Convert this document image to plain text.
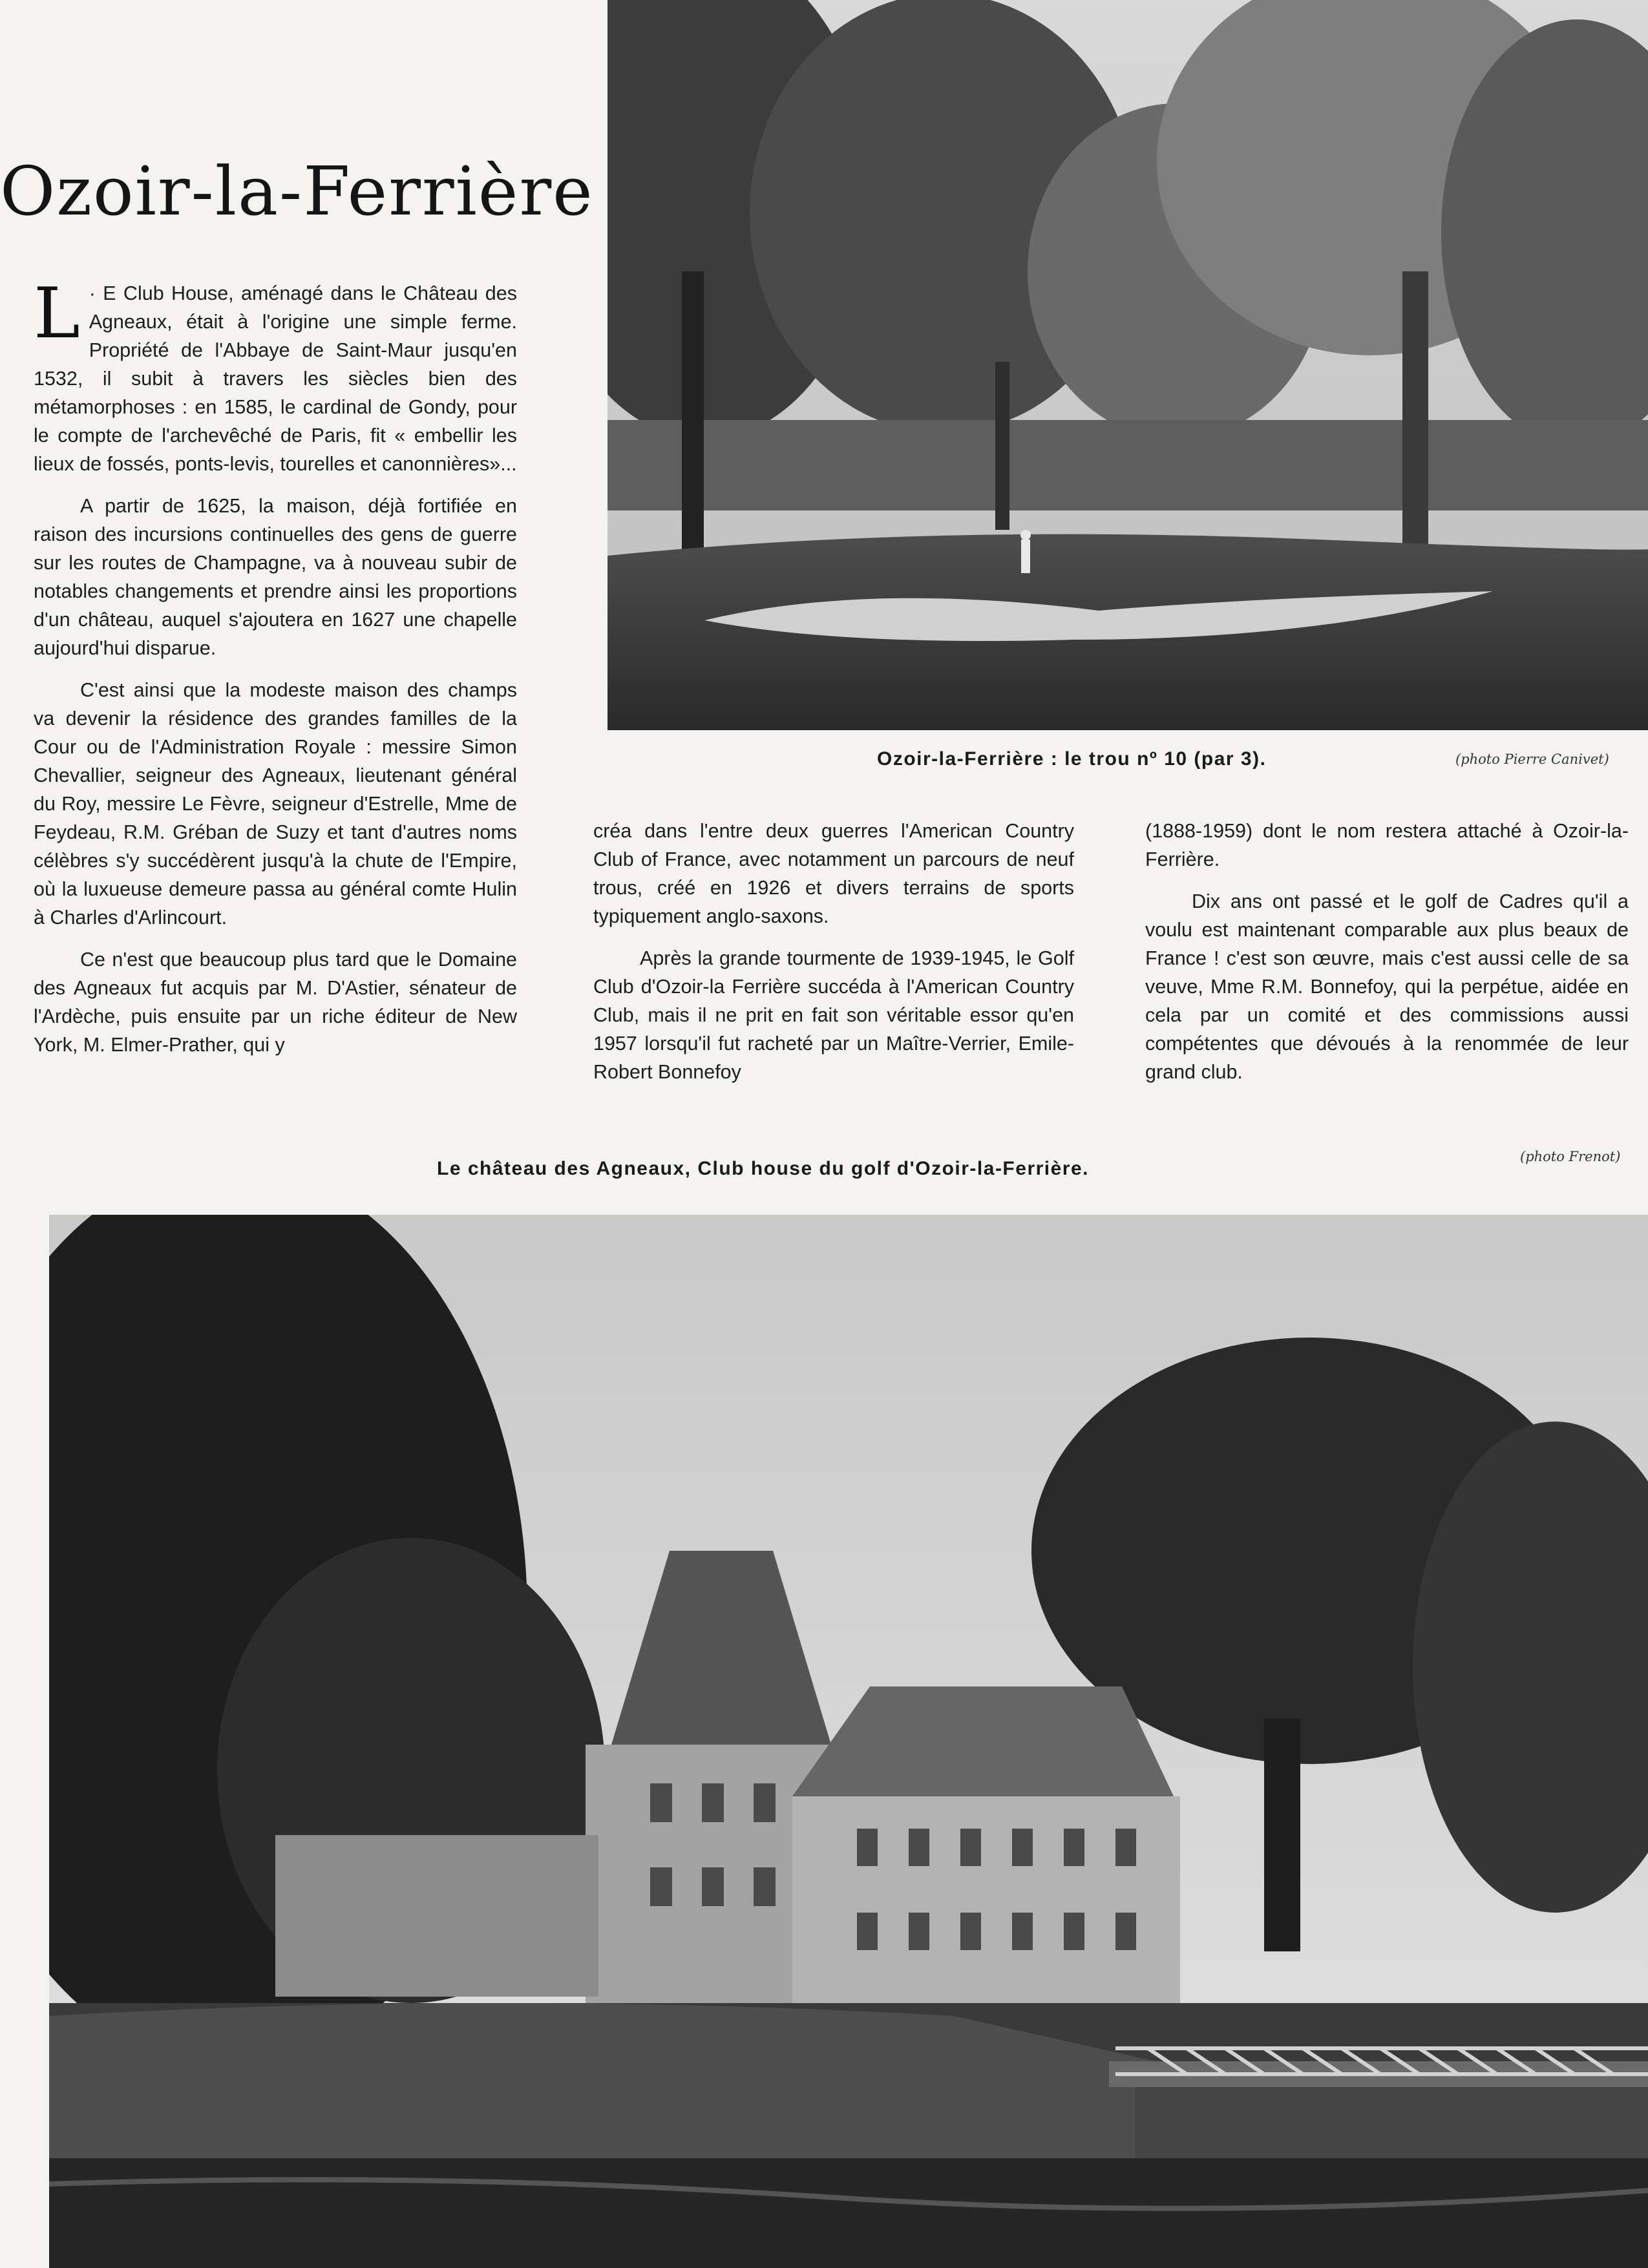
Ozoir-la-Ferrière

L · E Club House, aménagé dans le Château des Agneaux, était à l'origine une simple ferme. Propriété de l'Abbaye de Saint-Maur jusqu'en 1532, il subit à travers les siècles bien des métamorphoses : en 1585, le cardinal de Gondy, pour le compte de l'archevêché de Paris, fit « embellir les lieux de fossés, ponts-levis, tourelles et canonnières»...

A partir de 1625, la maison, déjà fortifiée en raison des incursions continuelles des gens de guerre sur les routes de Champagne, va à nouveau subir de notables changements et prendre ainsi les proportions d'un château, auquel s'ajoutera en 1627 une chapelle aujourd'hui disparue.

C'est ainsi que la modeste maison des champs va devenir la résidence des grandes familles de la Cour ou de l'Administration Royale : messire Simon Chevallier, seigneur des Agneaux, lieutenant général du Roy, messire Le Fèvre, seigneur d'Estrelle, Mme de Feydeau, R.M. Gréban de Suzy et tant d'autres noms célèbres s'y succédèrent jusqu'à la chute de l'Empire, où la luxueuse demeure passa au général comte Hulin à Charles d'Arlincourt.

Ce n'est que beaucoup plus tard que le Domaine des Agneaux fut acquis par M. D'Astier, sénateur de l'Ardèche, puis ensuite par un riche éditeur de New York, M. Elmer-Prather, qui y

Ozoir-la-Ferrière : le trou nº 10 (par 3).	(photo Pierre Canivet)

créa dans l'entre deux guerres l'American Country Club of France, avec notamment un parcours de neuf trous, créé en 1926 et divers terrains de sports typiquement anglo-saxons.

Après la grande tourmente de 1939-1945, le Golf Club d'Ozoir-la Ferrière succéda à l'American Country Club, mais il ne prit en fait son véritable essor qu'en 1957 lorsqu'il fut racheté par un Maître-Verrier, Emile-Robert Bonnefoy

(1888-1959) dont le nom restera attaché à Ozoir-la-Ferrière.

Dix ans ont passé et le golf de Cadres qu'il a voulu est maintenant comparable aux plus beaux de France ! c'est son œuvre, mais c'est aussi celle de sa veuve, Mme R.M. Bonnefoy, qui la perpétue, aidée en cela par un comité et des commissions aussi compétentes que dévoués à la renommée de leur grand club.

Le château des Agneaux, Club house du golf d'Ozoir-la-Ferrière.
(photo Frenot)
